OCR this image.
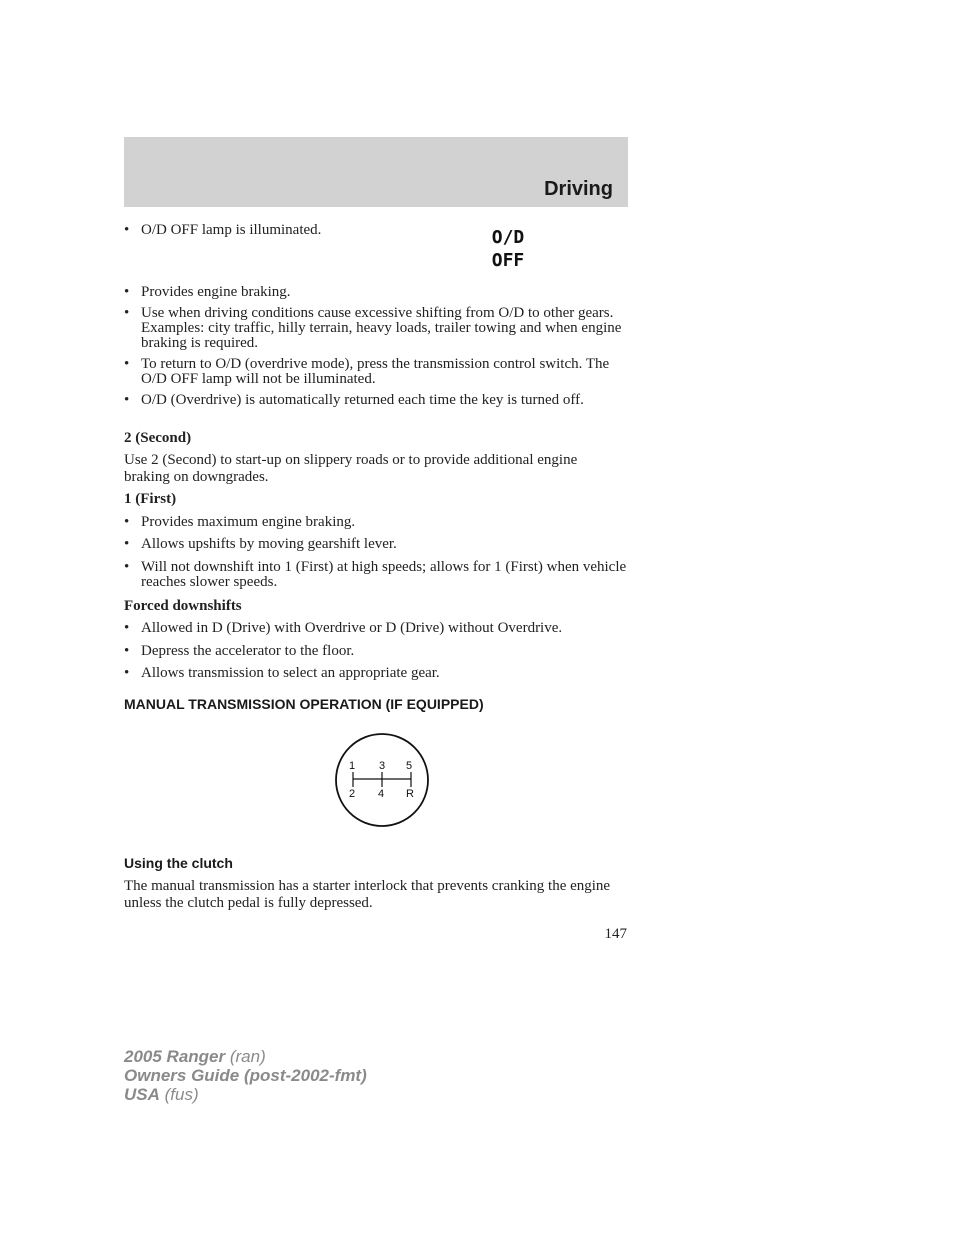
Driving
• O/D OFF lamp is illuminated.	O/D
OFF
• Provides engine braking.
• Use when driving conditions cause excessive shifting from O/D to other gears. Examples: city traffic, hilly terrain, heavy loads, trailer towing and when engine braking is required.
• To return to O/D (overdrive mode), press the transmission control switch. The O/D OFF lamp will not be illuminated.
• O/D (Overdrive) is automatically returned each time the key is turned off.
2 (Second)
Use 2 (Second) to start-up on slippery roads or to provide additional engine braking on downgrades.
1 (First)
• Provides maximum engine braking.
• Allows upshifts by moving gearshift lever.
• Will not downshift into 1 (First) at high speeds; allows for 1 (First) when vehicle reaches slower speeds.
Forced downshifts
• Allowed in D (Drive) with Overdrive or D (Drive) without Overdrive.
• Depress the accelerator to the floor.
• Allows transmission to select an appropriate gear.
MANUAL TRANSMISSION OPERATION (IF EQUIPPED)
1 3 5
2 4 R
Using the clutch
The manual transmission has a starter interlock that prevents cranking the engine unless the clutch pedal is fully depressed.
147
2005 Ranger (ran)
Owners Guide (post-2002-fmt)
USA (fus)
